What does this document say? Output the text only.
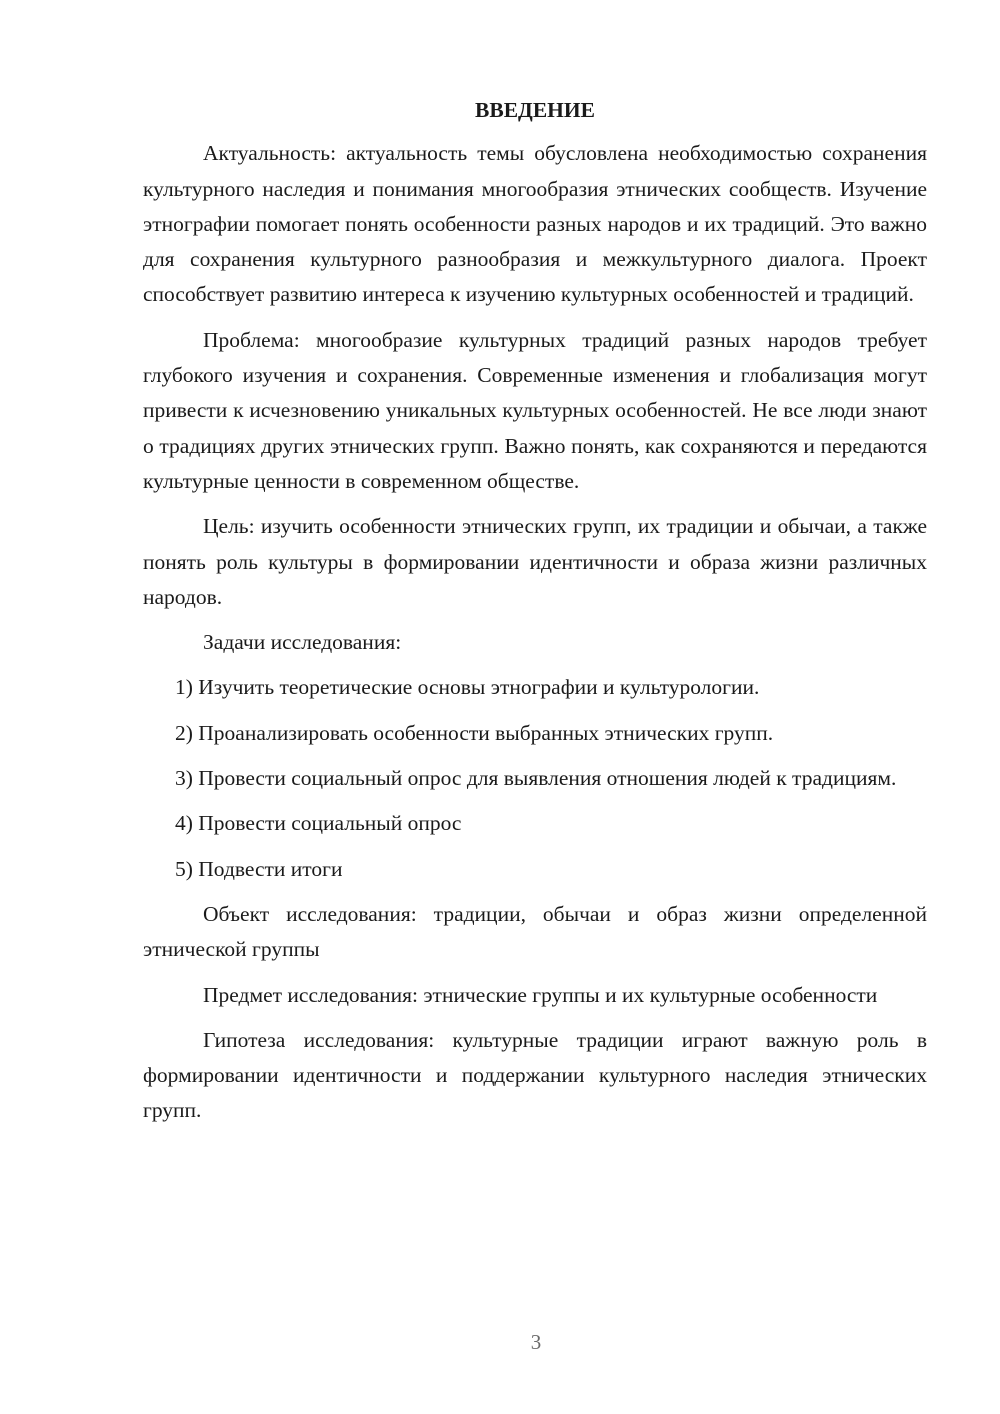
ВВЕДЕНИЕ

Актуальность: актуальность темы обусловлена необходимостью сохранения культурного наследия и понимания многообразия этнических сообществ. Изучение этнографии помогает понять особенности разных народов и их традиций. Это важно для сохранения культурного разнообразия и межкультурного диалога. Проект способствует развитию интереса к изучению культурных особенностей и традиций.

Проблема: многообразие культурных традиций разных народов требует глубокого изучения и сохранения. Современные изменения и глобализация могут привести к исчезновению уникальных культурных особенностей. Не все люди знают о традициях других этнических групп. Важно понять, как сохраняются и передаются культурные ценности в современном обществе.

Цель: изучить особенности этнических групп, их традиции и обычаи, а также понять роль культуры в формировании идентичности и образа жизни различных народов.

Задачи исследования:

1) Изучить теоретические основы этнографии и культурологии.

2) Проанализировать особенности выбранных этнических групп.

3) Провести социальный опрос для выявления отношения людей к традициям.

4) Провести социальный опрос

5) Подвести итоги

Объект исследования: традиции, обычаи и образ жизни определенной этнической группы

Предмет исследования: этнические группы и их культурные особенности

Гипотеза исследования: культурные традиции играют важную роль в формировании идентичности и поддержании культурного наследия этнических групп.

3
